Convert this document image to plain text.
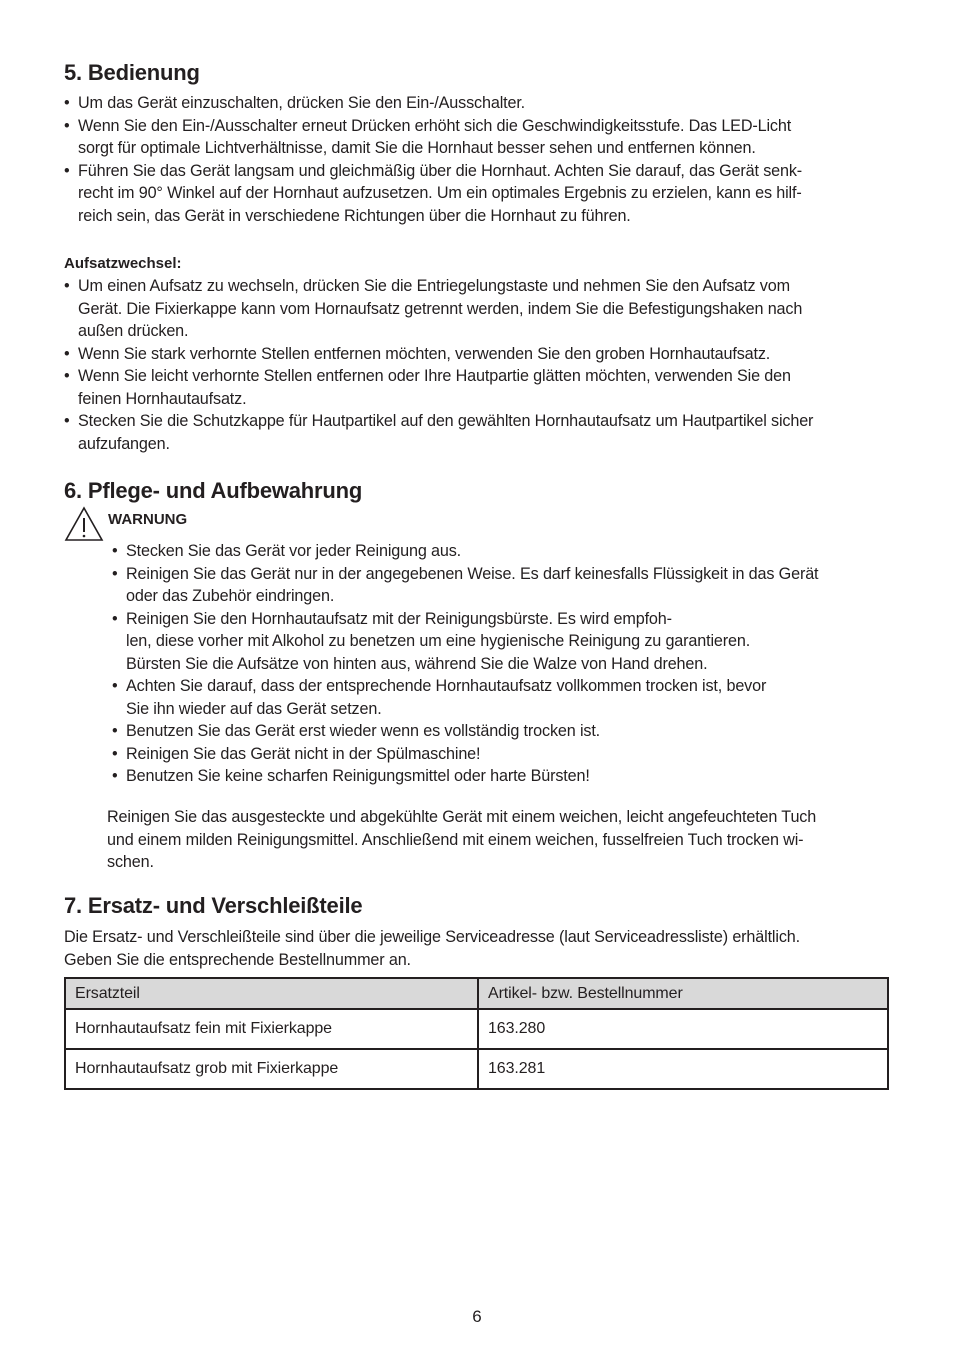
5. Bedienung
• Um das Gerät einzuschalten, drücken Sie den Ein-/Ausschalter.
• Wenn Sie den Ein-/Ausschalter erneut Drücken erhöht sich die Geschwindigkeitsstufe. Das LED-Licht
sorgt für optimale Lichtverhältnisse, damit Sie die Hornhaut besser sehen und entfernen können.
• Führen Sie das Gerät langsam und gleichmäßig über die Hornhaut. Achten Sie darauf, das Gerät senk-
recht im 90° Winkel auf der Hornhaut aufzusetzen. Um ein optimales Ergebnis zu erzielen, kann es hilf-
reich sein, das Gerät in verschiedene Richtungen über die Hornhaut zu führen.

Aufsatzwechsel:

• Um einen Aufsatz zu wechseln, drücken Sie die Entriegelungstaste und nehmen Sie den Aufsatz vom
Gerät. Die Fixierkappe kann vom Hornaufsatz getrennt werden, indem Sie die Befestigungshaken nach
außen drücken.
• Wenn Sie stark verhornte Stellen entfernen möchten, verwenden Sie den groben Hornhautaufsatz.
• Wenn Sie leicht verhornte Stellen entfernen oder Ihre Hautpartie glätten möchten, verwenden Sie den
feinen Hornhautaufsatz.
• Stecken Sie die Schutzkappe für Hautpartikel auf den gewählten Hornhautaufsatz um Hautpartikel sicher
aufzufangen.
6. Pflege- und Aufbewahrung
WARNUNG
• Stecken Sie das Gerät vor jeder Reinigung aus.
• Reinigen Sie das Gerät nur in der angegebenen Weise. Es darf keinesfalls Flüssigkeit in das Gerät
oder das Zubehör eindringen.
• Reinigen Sie den Hornhautaufsatz mit der Reinigungsbürste. Es wird empfoh-
len, diese vorher mit Alkohol zu benetzen um eine hygienische Reinigung zu garantieren.
Bürsten Sie die Aufsätze von hinten aus, während Sie die Walze von Hand drehen.
• Achten Sie darauf, dass der entsprechende Hornhautaufsatz vollkommen trocken ist, bevor
Sie ihn wieder auf das Gerät setzen.
• Benutzen Sie das Gerät erst wieder wenn es vollständig trocken ist.
• Reinigen Sie das Gerät nicht in der Spülmaschine!
• Benutzen Sie keine scharfen Reinigungsmittel oder harte Bürsten!

Reinigen Sie das ausgesteckte und abgekühlte Gerät mit einem weichen, leicht angefeuchteten Tuch
und einem milden Reinigungsmittel. Anschließend mit einem weichen, fusselfreien Tuch trocken wi-
schen.

7. Ersatz- und Verschleißteile

Die Ersatz- und Verschleißteile sind über die jeweilige Serviceadresse (laut Serviceadressliste) erhältlich.
Geben Sie die entsprechende Bestellnummer an.

Ersatzteil	Artikel- bzw. Bestellnummer
Hornhautaufsatz fein mit Fixierkappe	163.280
Hornhautaufsatz grob mit Fixierkappe	163.281
6
